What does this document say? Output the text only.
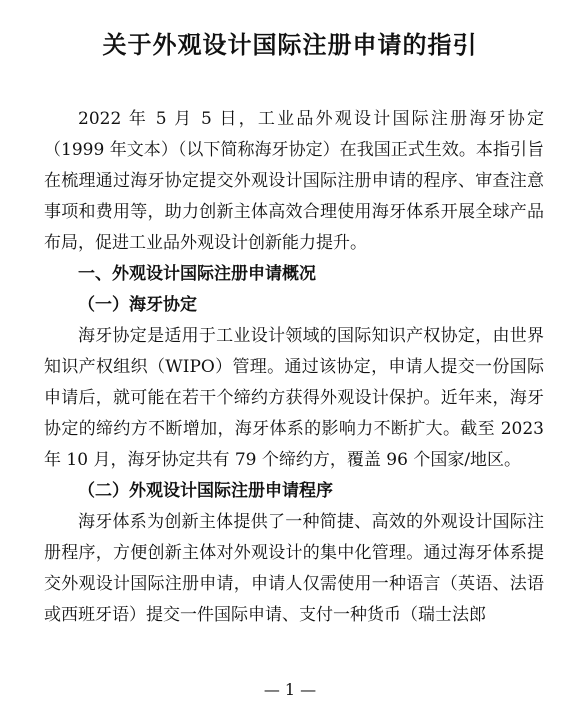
关于外观设计国际注册申请的指引

2022 年 5 月 5 日，工业品外观设计国际注册海牙协定（1999 年文本）（以下简称海牙协定）在我国正式生效。本指引旨在梳理通过海牙协定提交外观设计国际注册申请的程序、审查注意事项和费用等，助力创新主体高效合理使用海牙体系开展全球产品布局，促进工业品外观设计创新能力提升。

一、外观设计国际注册申请概况

（一）海牙协定

海牙协定是适用于工业设计领域的国际知识产权协定，由世界知识产权组织（WIPO）管理。通过该协定，申请人提交一份国际申请后，就可能在若干个缔约方获得外观设计保护。近年来，海牙协定的缔约方不断增加，海牙体系的影响力不断扩大。截至 2023 年 10 月，海牙协定共有 79 个缔约方，覆盖 96 个国家/地区。

（二）外观设计国际注册申请程序

海牙体系为创新主体提供了一种简捷、高效的外观设计国际注册程序，方便创新主体对外观设计的集中化管理。通过海牙体系提交外观设计国际注册申请，申请人仅需使用一种语言（英语、法语或西班牙语）提交一件国际申请、支付一种货币（瑞士法郎

— 1 —
